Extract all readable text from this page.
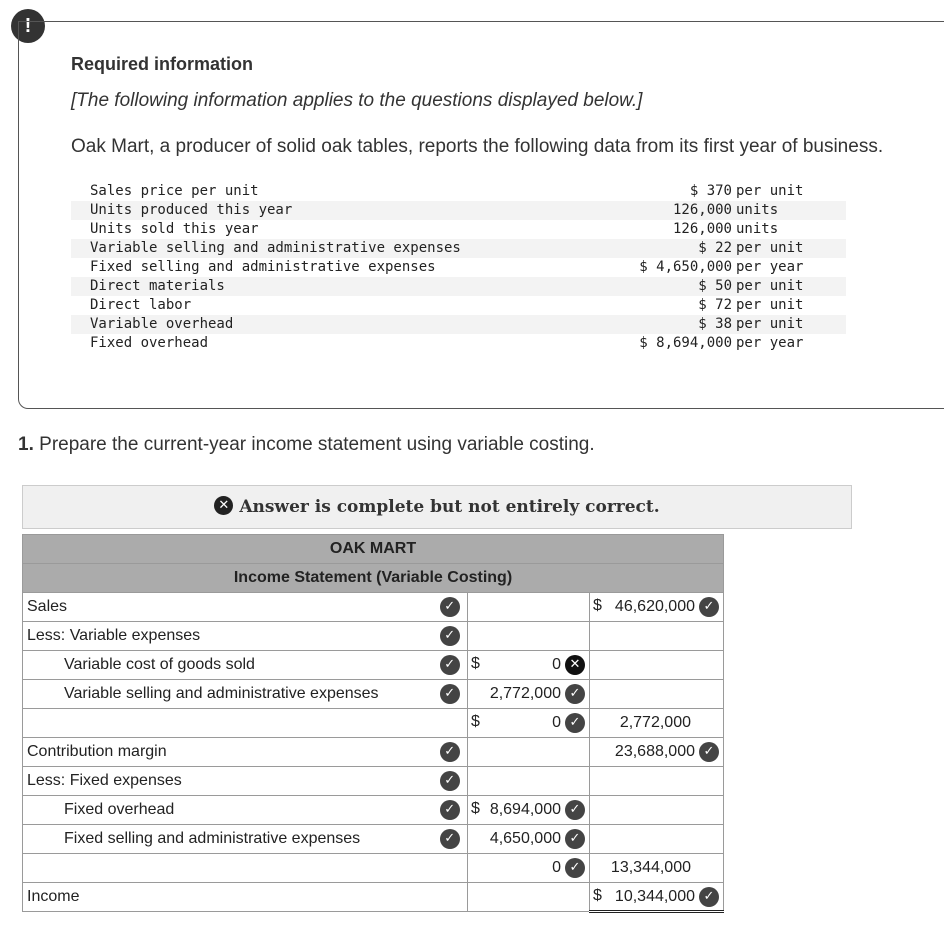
!
Required information
[The following information applies to the questions displayed below.]
Oak Mart, a producer of solid oak tables, reports the following data from its first year of business.
Sales price per unit	$ 370 per unit
Units produced this year	126,000 units
Units sold this year	126,000 units
Variable selling and administrative expenses	$ 22 per unit
Fixed selling and administrative expenses	$ 4,650,000 per year
Direct materials	$ 50 per unit
Direct labor	$ 72 per unit
Variable overhead	$ 38 per unit
Fixed overhead	$ 8,694,000 per year
1. Prepare the current-year income statement using variable costing.
✕ Answer is complete but not entirely correct.
OAK MART			
Income Statement (Variable Costing)			
Sales	✓		$ 46,620,000 ✓
Less: Variable expenses	✓		
Variable cost of goods sold	✓	$ 0 ✕	
Variable selling and administrative expenses	✓	2,772,000 ✓	

		$ 0 ✓	2,772,000
Contribution margin	✓		23,688,000 ✓
Less: Fixed expenses	✓		
Fixed overhead	✓	$ 8,694,000 ✓	
Fixed selling and administrative expenses	✓	4,650,000 ✓	
		0 ✓	13,344,000
Income			$ 10,344,000 ✓
